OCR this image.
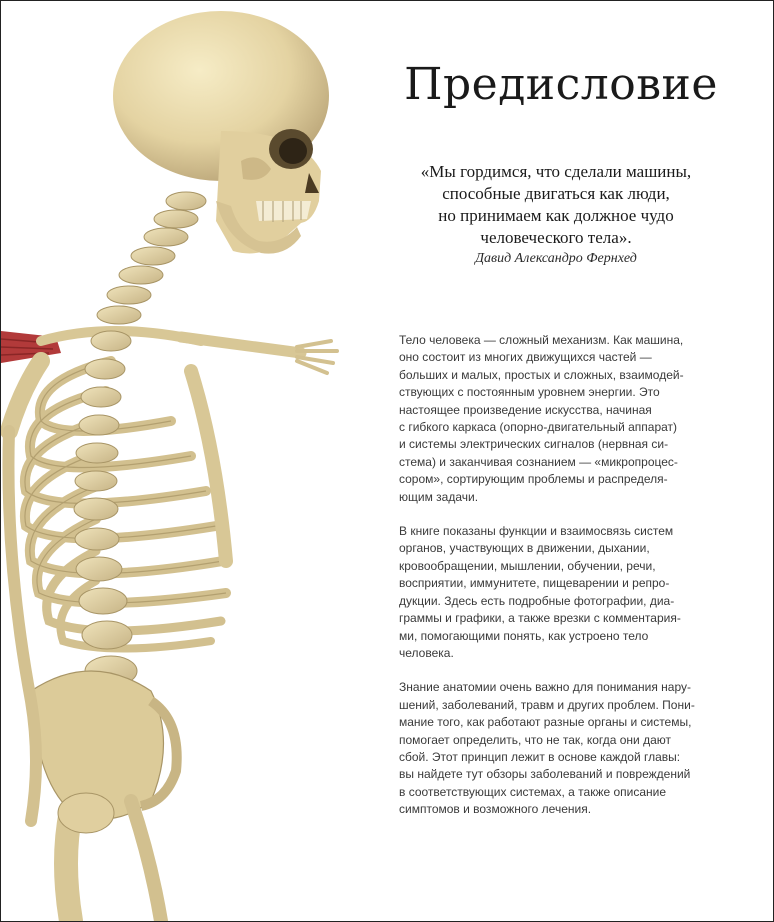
Предисловие
«Мы гордимся, что сделали машины,
способные двигаться как люди,
но принимаем как должное чудо
человеческого тела».
Давид Александро Фернхед
Тело человека — сложный механизм. Как машина,
оно состоит из многих движущихся частей —
больших и малых, простых и сложных, взаимодей-
ствующих с постоянным уровнем энергии. Это
настоящее произведение искусства, начиная
с гибкого каркаса (опорно-двигательный аппарат)
и системы электрических сигналов (нервная си-
стема) и заканчивая сознанием — «микропроцес-
сором», сортирующим проблемы и распределя-
ющим задачи.
В книге показаны функции и взаимосвязь систем
органов, участвующих в движении, дыхании,
кровообращении, мышлении, обучении, речи,
восприятии, иммунитете, пищеварении и репро-
дукции. Здесь есть подробные фотографии, диа-
граммы и графики, а также врезки с комментария-
ми, помогающими понять, как устроено тело
человека.
Знание анатомии очень важно для понимания нару-
шений, заболеваний, травм и других проблем. Пони-
мание того, как работают разные органы и системы,
помогает определить, что не так, когда они дают
сбой. Этот принцип лежит в основе каждой главы:
вы найдете тут обзоры заболеваний и повреждений
в соответствующих системах, а также описание
симптомов и возможного лечения.
